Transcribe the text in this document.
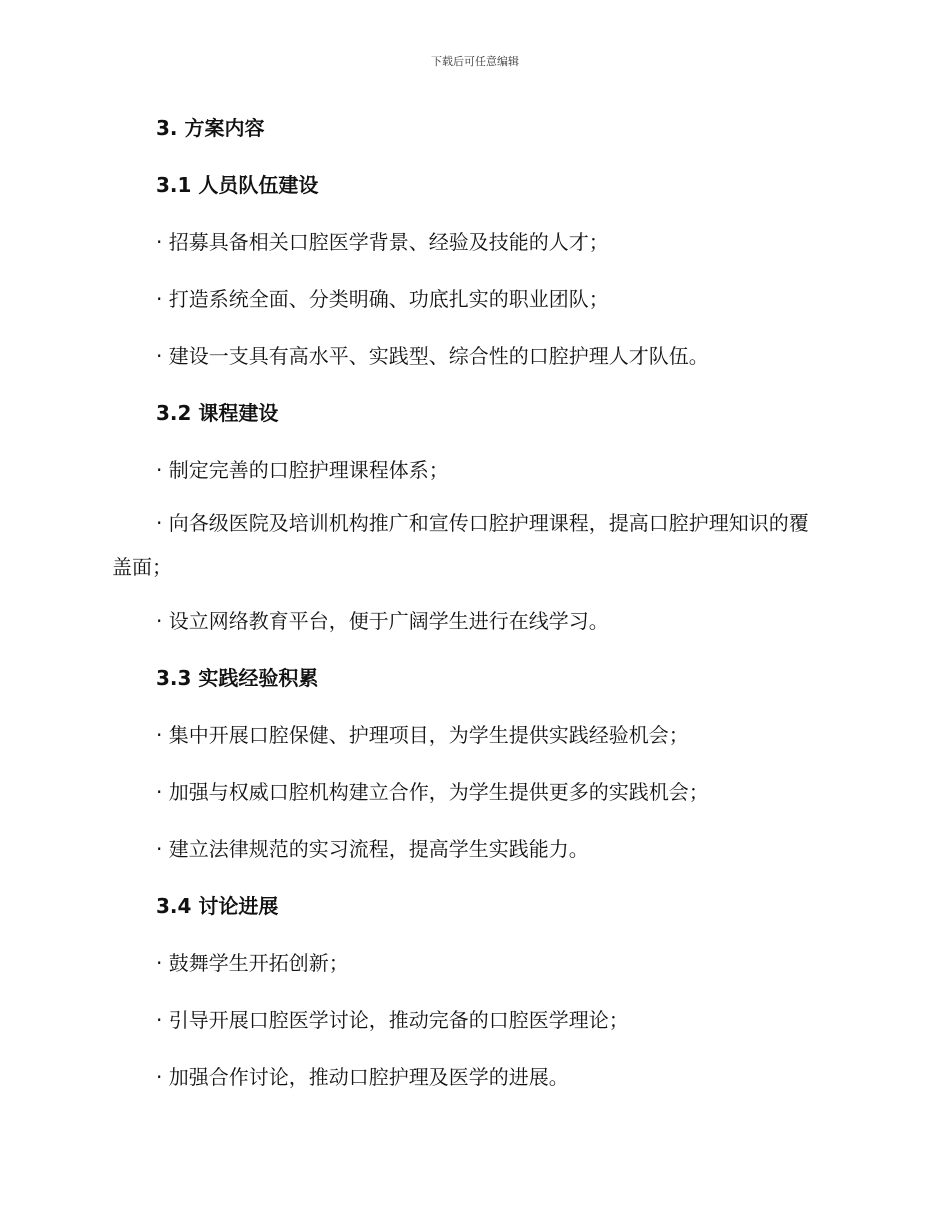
下载后可任意编辑
3. 方案内容
3.1 人员队伍建设
· 招募具备相关口腔医学背景、经验及技能的人才；
· 打造系统全面、分类明确、功底扎实的职业团队；
· 建设一支具有高水平、实践型、综合性的口腔护理人才队伍。
3.2 课程建设
· 制定完善的口腔护理课程体系；
· 向各级医院及培训机构推广和宣传口腔护理课程，提高口腔护理知识的覆盖面；
· 设立网络教育平台，便于广阔学生进行在线学习。
3.3 实践经验积累
· 集中开展口腔保健、护理项目，为学生提供实践经验机会；
· 加强与权威口腔机构建立合作，为学生提供更多的实践机会；
· 建立法律规范的实习流程，提高学生实践能力。
3.4 讨论进展
· 鼓舞学生开拓创新；
· 引导开展口腔医学讨论，推动完备的口腔医学理论；
· 加强合作讨论，推动口腔护理及医学的进展。
